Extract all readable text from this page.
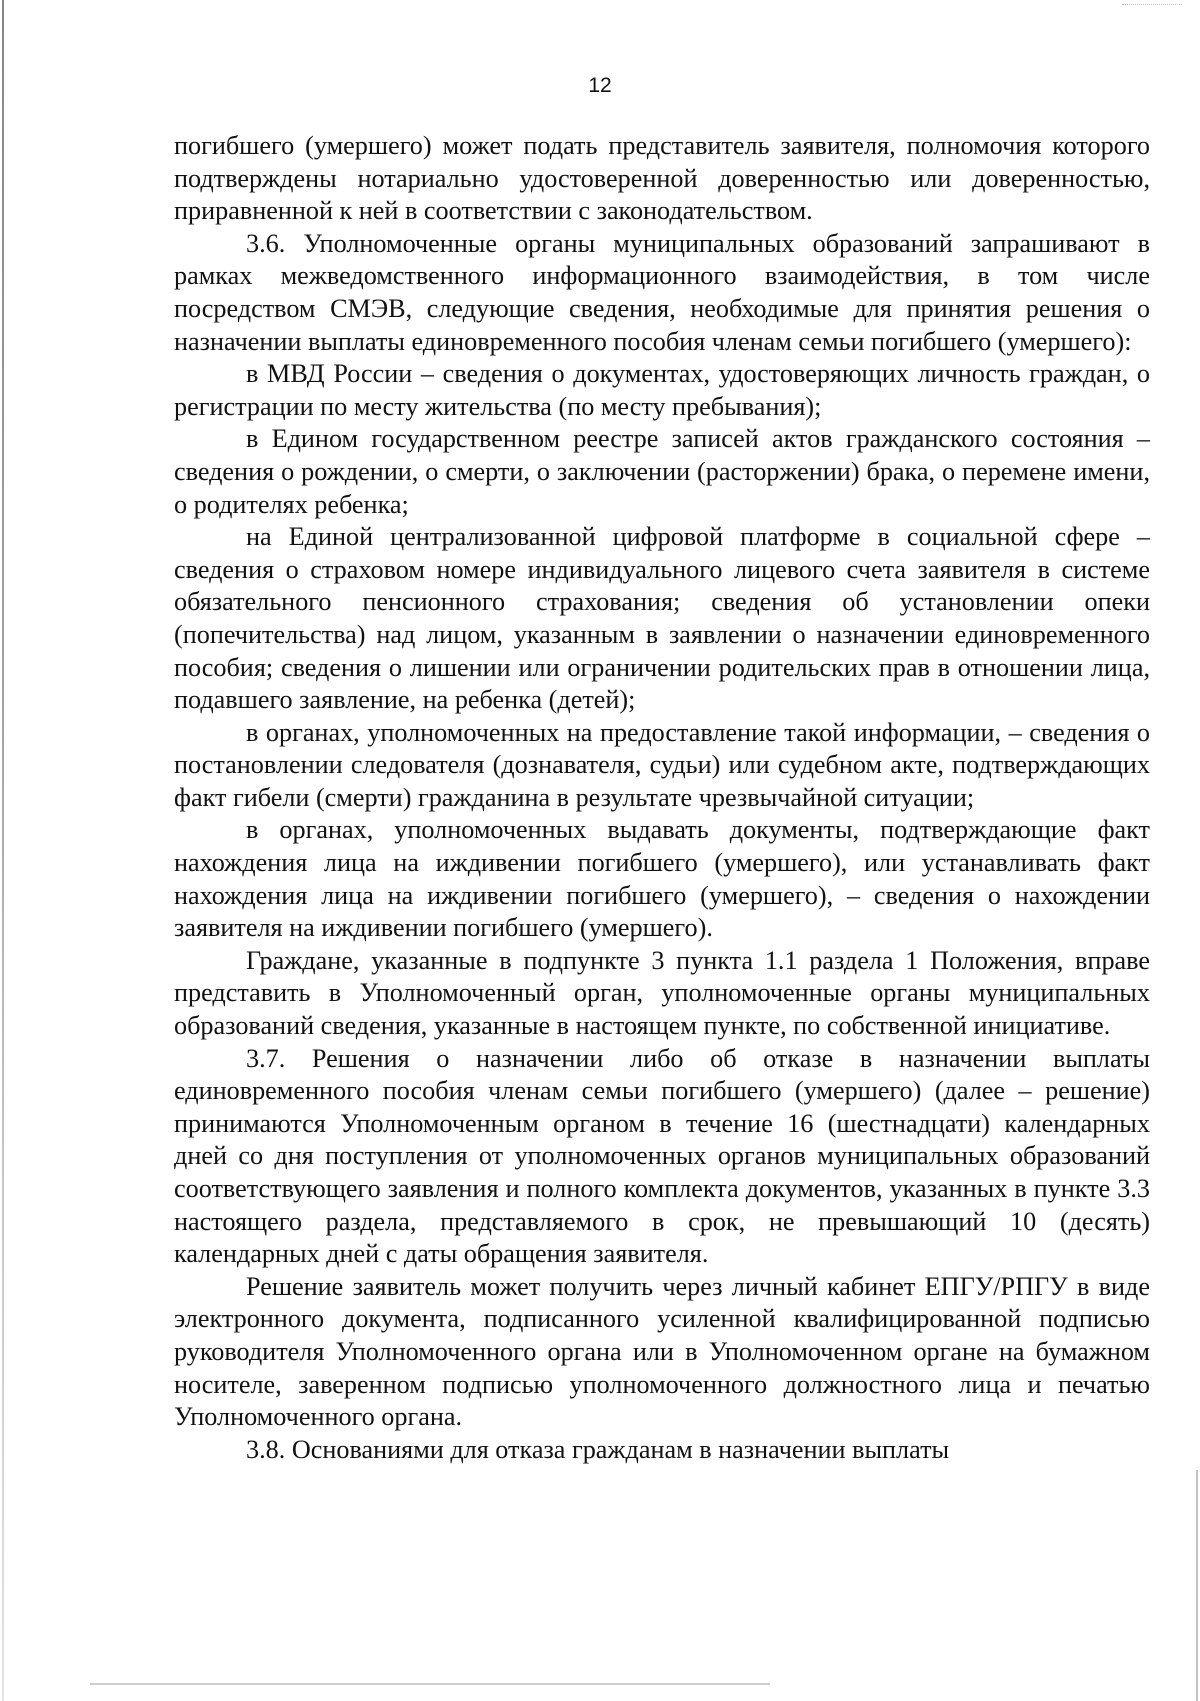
12

погибшего (умершего) может подать представитель заявителя, полномочия которого подтверждены нотариально удостоверенной доверенностью или доверенностью, приравненной к ней в соответствии с законодательством.

3.6. Уполномоченные органы муниципальных образований запрашивают в рамках межведомственного информационного взаимодействия, в том числе посредством СМЭВ, следующие сведения, необходимые для принятия решения о назначении выплаты единовременного пособия членам семьи погибшего (умершего):

в МВД России – сведения о документах, удостоверяющих личность граждан, о регистрации по месту жительства (по месту пребывания);

в Едином государственном реестре записей актов гражданского состояния – сведения о рождении, о смерти, о заключении (расторжении) брака, о перемене имени, о родителях ребенка;

на Единой централизованной цифровой платформе в социальной сфере – сведения о страховом номере индивидуального лицевого счета заявителя в системе обязательного пенсионного страхования; сведения об установлении опеки (попечительства) над лицом, указанным в заявлении о назначении единовременного пособия; сведения о лишении или ограничении родительских прав в отношении лица, подавшего заявление, на ребенка (детей);

в органах, уполномоченных на предоставление такой информации, – сведения о постановлении следователя (дознавателя, судьи) или судебном акте, подтверждающих факт гибели (смерти) гражданина в результате чрезвычайной ситуации;

в органах, уполномоченных выдавать документы, подтверждающие факт нахождения лица на иждивении погибшего (умершего), или устанавливать факт нахождения лица на иждивении погибшего (умершего), – сведения о нахождении заявителя на иждивении погибшего (умершего).

Граждане, указанные в подпункте 3 пункта 1.1 раздела 1 Положения, вправе представить в Уполномоченный орган, уполномоченные органы муниципальных образований сведения, указанные в настоящем пункте, по собственной инициативе.

3.7. Решения о назначении либо об отказе в назначении выплаты единовременного пособия членам семьи погибшего (умершего) (далее – решение) принимаются Уполномоченным органом в течение 16 (шестнадцати) календарных дней со дня поступления от уполномоченных органов муниципальных образований соответствующего заявления и полного комплекта документов, указанных в пункте 3.3 настоящего раздела, представляемого в срок, не превышающий 10 (десять) календарных дней с даты обращения заявителя.

Решение заявитель может получить через личный кабинет ЕПГУ/РПГУ в виде электронного документа, подписанного усиленной квалифицированной подписью руководителя Уполномоченного органа или в Уполномоченном органе на бумажном носителе, заверенном подписью уполномоченного должностного лица и печатью Уполномоченного органа.

3.8. Основаниями для отказа гражданам в назначении выплаты
